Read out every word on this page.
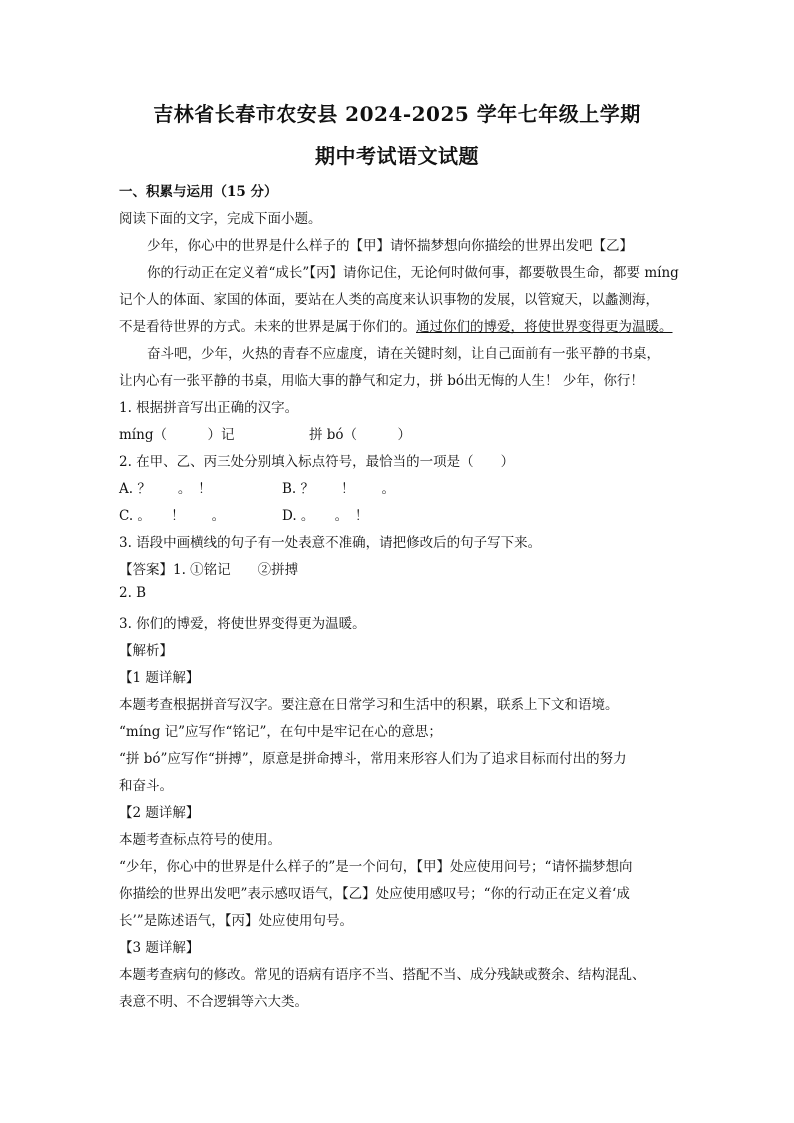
吉林省长春市农安县 2024-2025 学年七年级上学期
期中考试语文试题
一、积累与运用（15 分）
阅读下面的文字，完成下面小题。
少年，你心中的世界是什么样子的【甲】请怀揣梦想向你描绘的世界出发吧【乙】
你的行动正在定义着“成长”【丙】请你记住，无论何时做何事，都要敬畏生命，都要 míng
记个人的体面、家国的体面，要站在人类的高度来认识事物的发展，以管窥天，以蠡测海，
不是看待世界的方式。未来的世界是属于你们的。通过你们的博爱，将使世界变得更为温暖。
奋斗吧，少年，火热的青春不应虚度，请在关键时刻，让自己面前有一张平静的书桌，
让内心有一张平静的书桌，用临大事的静气和定力，拼 bó出无悔的人生！ 少年，你行！
1. 根据拼音写出正确的汉字。
míng（　　　）记	拼 bó（　　　）
2. 在甲、乙、丙三处分别填入标点符号，最恰当的一项是（　　）
A. ？　　。　！	B. ？　　！　　。
C. 。　　！　　。	D. 。　　。　！
3. 语段中画横线的句子有一处表意不准确，请把修改后的句子写下来。
【答案】1. ①铭记　　②拼搏
2. B
3. 你们的博爱，将使世界变得更为温暖。
【解析】
【1 题详解】
本题考查根据拼音写汉字。要注意在日常学习和生活中的积累，联系上下文和语境。
“míng 记”应写作“铭记”，在句中是牢记在心的意思；
“拼 bó”应写作“拼搏”，原意是拼命搏斗，常用来形容人们为了追求目标而付出的努力
和奋斗。
【2 题详解】
本题考查标点符号的使用。
“少年，你心中的世界是什么样子的”是一个问句，【甲】处应使用问号；“请怀揣梦想向
你描绘的世界出发吧”表示感叹语气，【乙】处应使用感叹号；“你的行动正在定义着‘成
长’”是陈述语气，【丙】处应使用句号。
【3 题详解】
本题考查病句的修改。常见的语病有语序不当、搭配不当、成分残缺或赘余、结构混乱、
表意不明、不合逻辑等六大类。
